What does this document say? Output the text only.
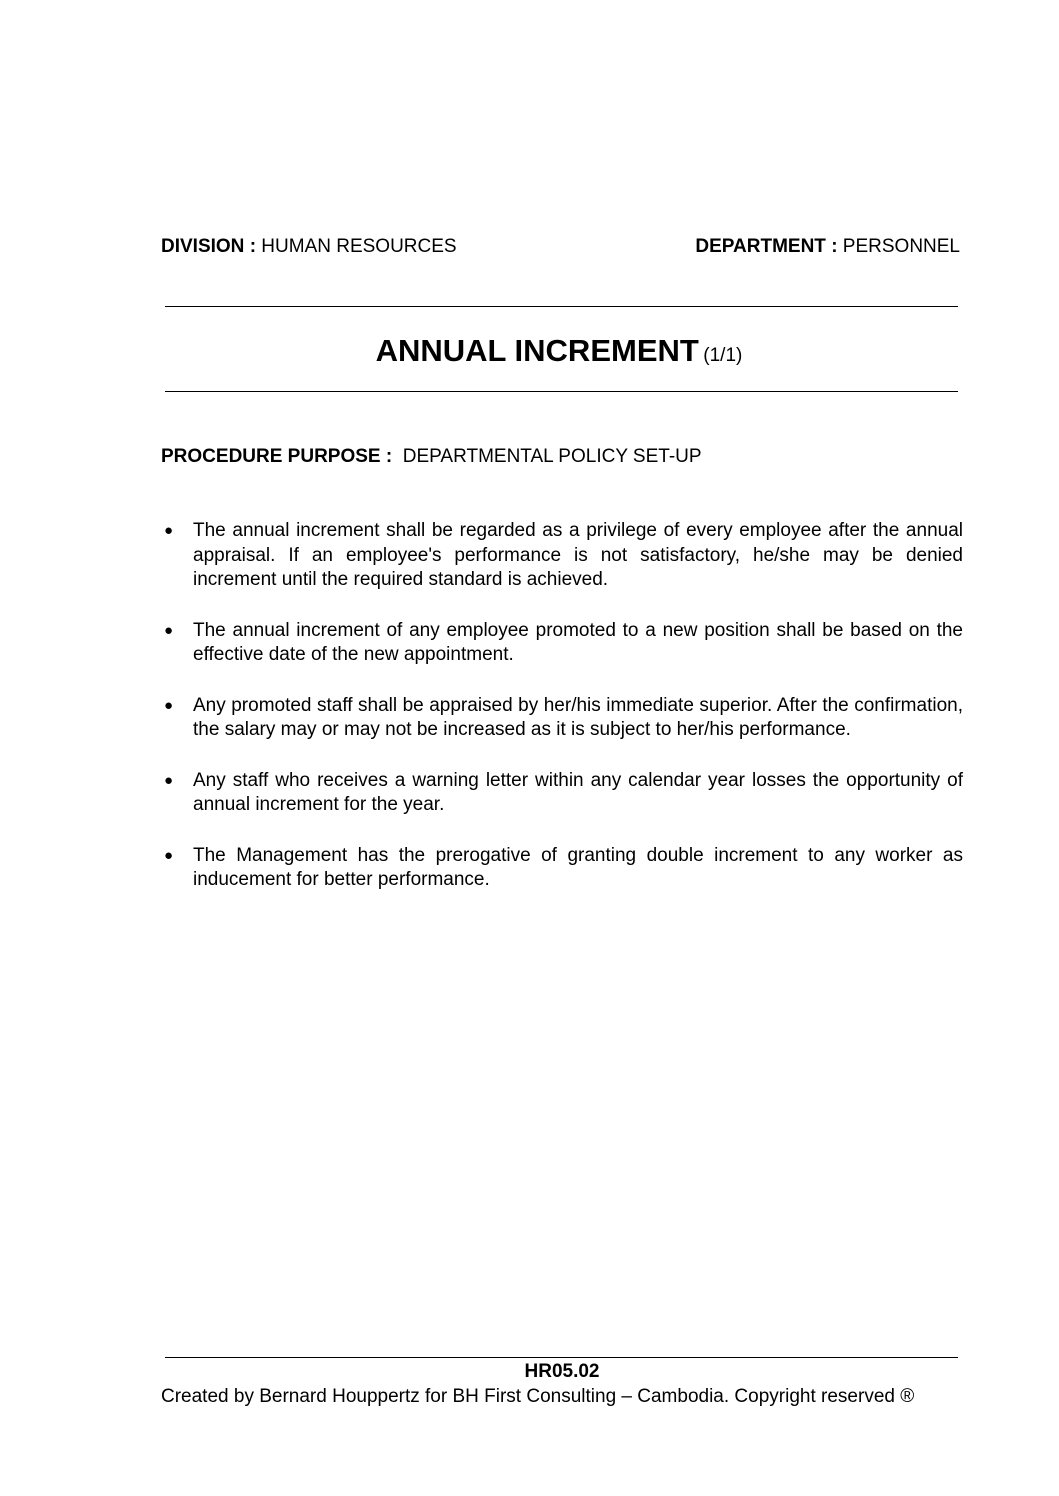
DIVISION : HUMAN RESOURCES	DEPARTMENT : PERSONNEL
ANNUAL INCREMENT (1/1)
PROCEDURE PURPOSE : DEPARTMENTAL POLICY SET-UP
● The annual increment shall be regarded as a privilege of every employee after the annual appraisal. If an employee's performance is not satisfactory, he/she may be denied increment until the required standard is achieved.
● The annual increment of any employee promoted to a new position shall be based on the effective date of the new appointment.
● Any promoted staff shall be appraised by her/his immediate superior. After the confirmation, the salary may or may not be increased as it is subject to her/his performance.
● Any staff who receives a warning letter within any calendar year losses the opportunity of annual increment for the year.
● The Management has the prerogative of granting double increment to any worker as inducement for better performance.
HR05.02
Created by Bernard Houppertz for BH First Consulting – Cambodia. Copyright reserved ®
